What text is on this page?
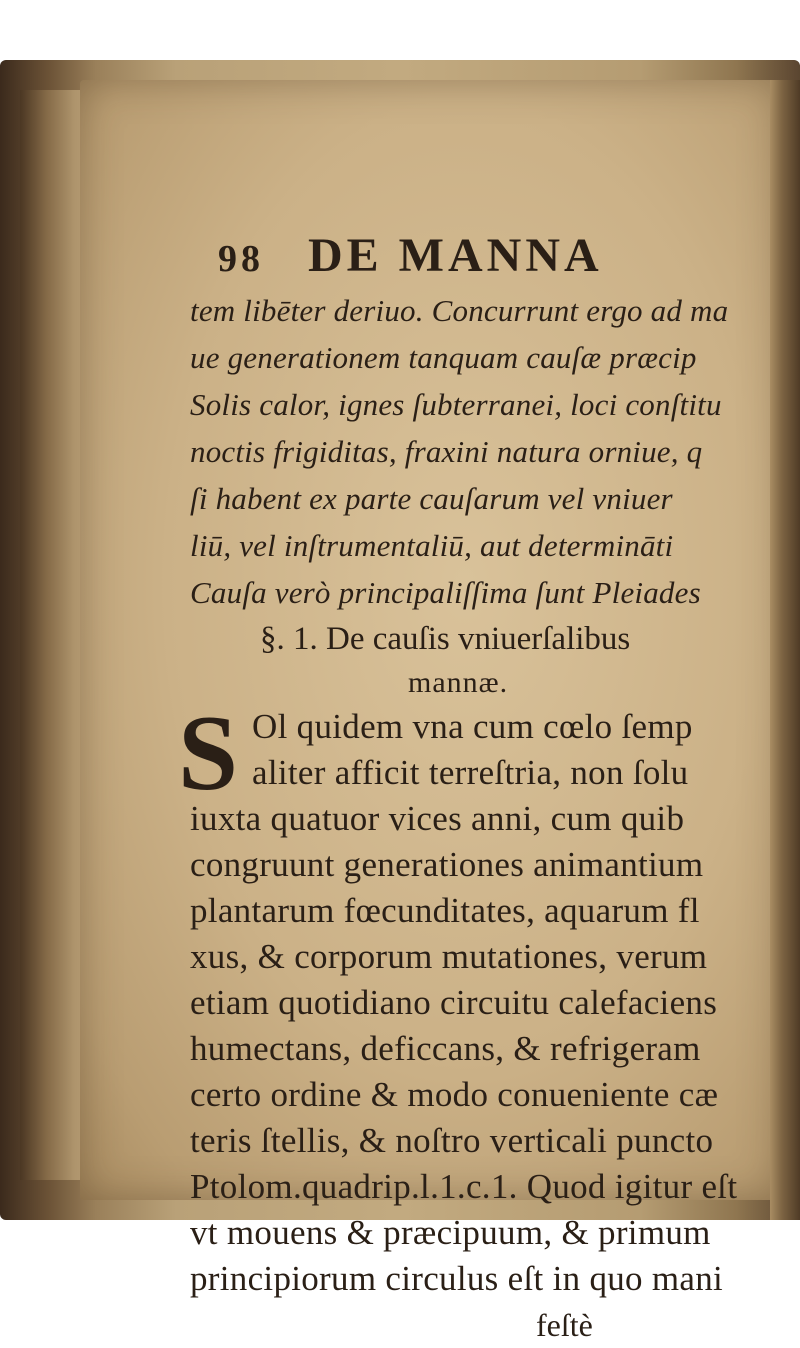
98 DE MANNA
tem libēter deriuo. Concurrunt ergo ad ma
ue generationem tanquam cauſæ præcip
Solis calor, ignes ſubterranei, loci conſtitu
noctis frigiditas, fraxini natura orniue, q
ſi habent ex parte cauſarum vel vniuer
liū, vel inſtrumentaliū, aut determināti
Cauſa verò principaliſſima ſunt Pleiades
§. 1. De cauſis vniuerſalibus
mannæ.
S Ol quidem vna cum cœlo ſemp
aliter afficit terreſtria, non ſolu
iuxta quatuor vices anni, cum quib
congruunt generationes animantium
plantarum fœcunditates, aquarum fl
xus, & corporum mutationes, verum
etiam quotidiano circuitu calefaciens
humectans, deficcans, & refrigeram
certo ordine & modo conueniente cæ
teris ſtellis, & noſtro verticali puncto
Ptolom.quadrip.l.1.c.1. Quod igitur eſt
vt mouens & præcipuum, & primum
principiorum circulus eſt in quo mani
feſtè
